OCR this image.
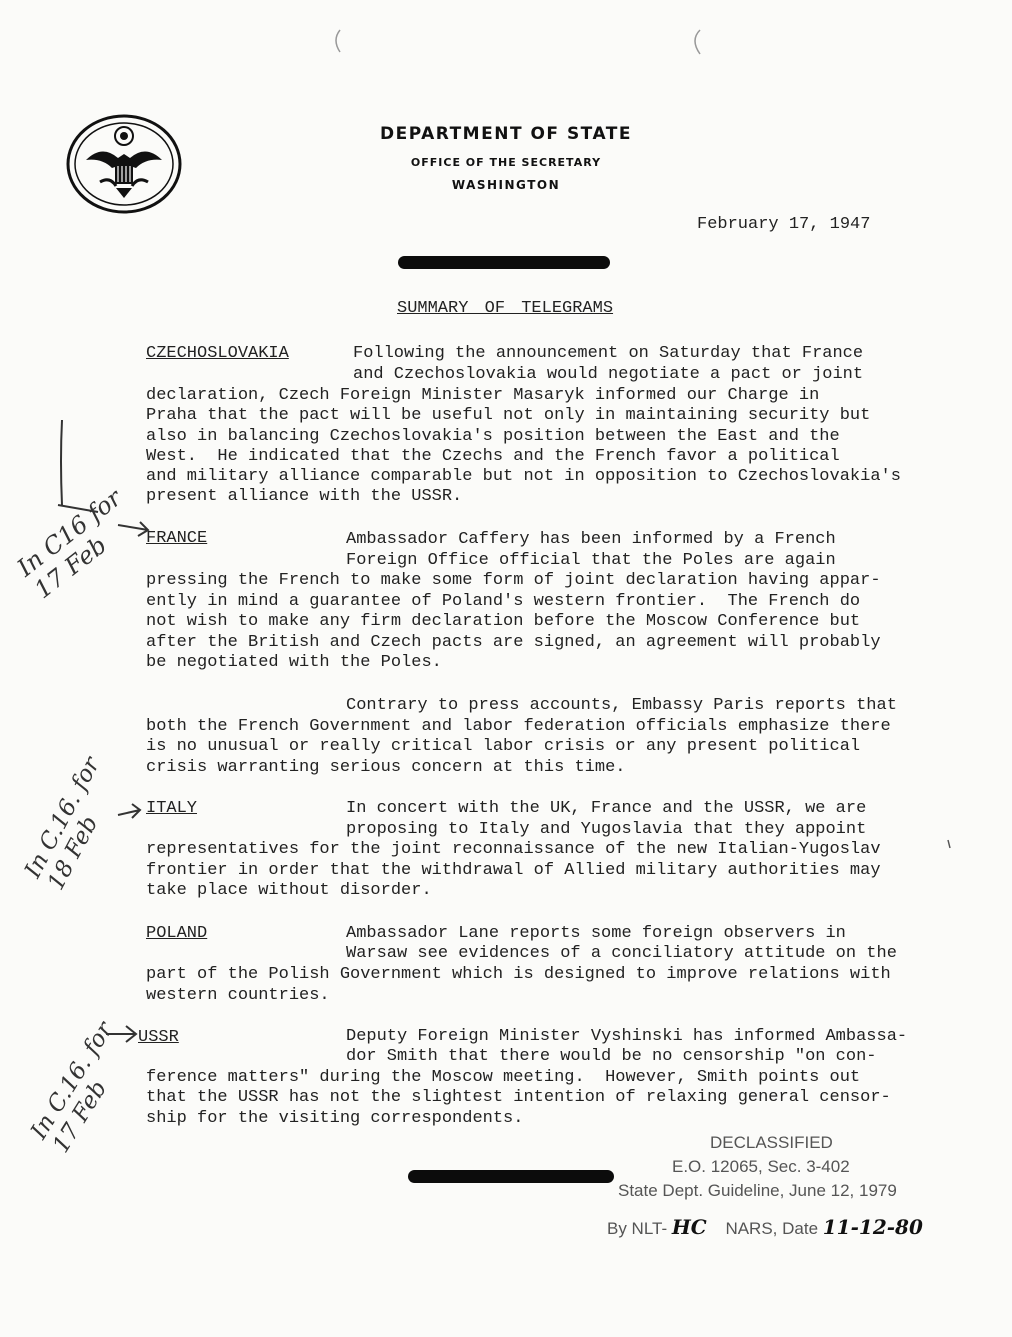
DEPARTMENT OF STATE
OFFICE OF THE SECRETARY
WASHINGTON
February 17, 1947
SUMMARY OF TELEGRAMS
CZECHOSLOVAKIA	Following the announcement on Saturday that France
and Czechoslovakia would negotiate a pact or joint
declaration, Czech Foreign Minister Masaryk informed our Charge in
Praha that the pact will be useful not only in maintaining security but
also in balancing Czechoslovakia's position between the East and the
West.  He indicated that the Czechs and the French favor a political
and military alliance comparable but not in opposition to Czechoslovakia's
present alliance with the USSR.
FRANCE	Ambassador Caffery has been informed by a French
Foreign Office official that the Poles are again
pressing the French to make some form of joint declaration having appar-
ently in mind a guarantee of Poland's western frontier.  The French do
not wish to make any firm declaration before the Moscow Conference but
after the British and Czech pacts are signed, an agreement will probably
be negotiated with the Poles.
Contrary to press accounts, Embassy Paris reports that
both the French Government and labor federation officials emphasize there
is no unusual or really critical labor crisis or any present political
crisis warranting serious concern at this time.
ITALY	In concert with the UK, France and the USSR, we are
proposing to Italy and Yugoslavia that they appoint
representatives for the joint reconnaissance of the new Italian-Yugoslav
frontier in order that the withdrawal of Allied military authorities may
take place without disorder.
POLAND	Ambassador Lane reports some foreign observers in
Warsaw see evidences of a conciliatory attitude on the
part of the Polish Government which is designed to improve relations with
western countries.
USSR	Deputy Foreign Minister Vyshinski has informed Ambassa-
dor Smith that there would be no censorship "on con-
ference matters" during the Moscow meeting.  However, Smith points out
that the USSR has not the slightest intention of relaxing general censor-
ship for the visiting correspondents.
DECLASSIFIED
E.O. 12065, Sec. 3-402
State Dept. Guideline, June 12, 1979
By NLT- HC NARS, Date 11-12-80
In C16 for 17 Feb
In C.16. for 18 Feb
In C.16. for 17 Feb
